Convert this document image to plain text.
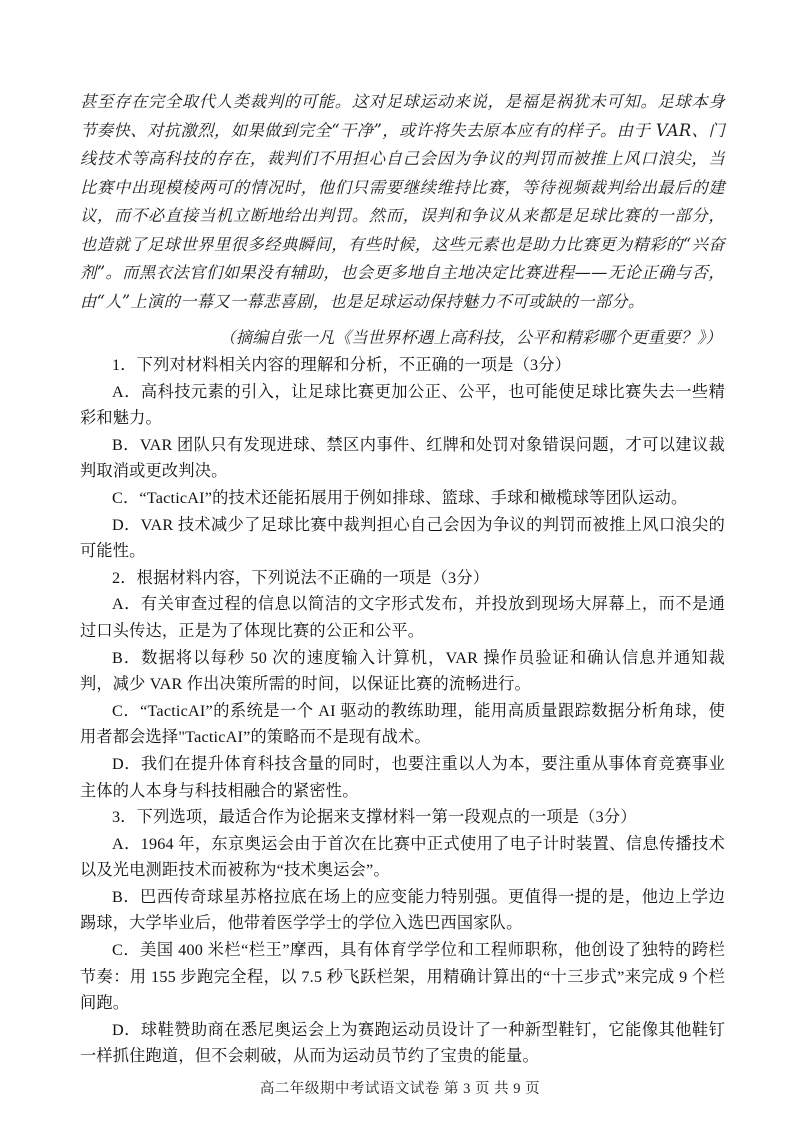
甚至存在完全取代人类裁判的可能。这对足球运动来说，是福是祸犹未可知。足球本身节奏快、对抗激烈，如果做到完全“干净”，或许将失去原本应有的样子。由于 VAR、门线技术等高科技的存在，裁判们不用担心自己会因为争议的判罚而被推上风口浪尖，当比赛中出现模棱两可的情况时，他们只需要继续维持比赛，等待视频裁判给出最后的建议，而不必直接当机立断地给出判罚。然而，误判和争议从来都是足球比赛的一部分，也造就了足球世界里很多经典瞬间，有些时候，这些元素也是助力比赛更为精彩的“兴奋剂”。而黑衣法官们如果没有辅助，也会更多地自主地决定比赛进程——无论正确与否，由“人”上演的一幕又一幕悲喜剧，也是足球运动保持魅力不可或缺的一部分。

（摘编自张一凡《当世界杯遇上高科技，公平和精彩哪个更重要？》）

1．下列对材料相关内容的理解和分析，不正确的一项是（3分）

A．高科技元素的引入，让足球比赛更加公正、公平，也可能使足球比赛失去一些精彩和魅力。

B．VAR 团队只有发现进球、禁区内事件、红牌和处罚对象错误问题，才可以建议裁判取消或更改判决。

C．“TacticAI”的技术还能拓展用于例如排球、篮球、手球和橄榄球等团队运动。

D．VAR 技术减少了足球比赛中裁判担心自己会因为争议的判罚而被推上风口浪尖的可能性。

2．根据材料内容，下列说法不正确的一项是（3分）

A．有关审查过程的信息以简洁的文字形式发布，并投放到现场大屏幕上，而不是通过口头传达，正是为了体现比赛的公正和公平。

B．数据将以每秒 50 次的速度输入计算机，VAR 操作员验证和确认信息并通知裁判，减少 VAR 作出决策所需的时间，以保证比赛的流畅进行。

C．“TacticAI”的系统是一个 AI 驱动的教练助理，能用高质量跟踪数据分析角球，使用者都会选择"TacticAI”的策略而不是现有战术。

D．我们在提升体育科技含量的同时，也要注重以人为本，要注重从事体育竞赛事业主体的人本身与科技相融合的紧密性。

3．下列选项，最适合作为论据来支撑材料一第一段观点的一项是（3分）

A．1964 年，东京奥运会由于首次在比赛中正式使用了电子计时装置、信息传播技术以及光电测距技术而被称为“技术奥运会”。

B．巴西传奇球星苏格拉底在场上的应变能力特别强。更值得一提的是，他边上学边踢球，大学毕业后，他带着医学学士的学位入选巴西国家队。

C．美国 400 米栏“栏王”摩西，具有体育学学位和工程师职称，他创设了独特的跨栏节奏：用 155 步跑完全程，以 7.5 秒飞跃栏架，用精确计算出的“十三步式”来完成 9 个栏间跑。

D．球鞋赞助商在悉尼奥运会上为赛跑运动员设计了一种新型鞋钉，它能像其他鞋钉一样抓住跑道，但不会刺破，从而为运动员节约了宝贵的能量。

高二年级期中考试语文试卷 第 3 页 共 9 页
